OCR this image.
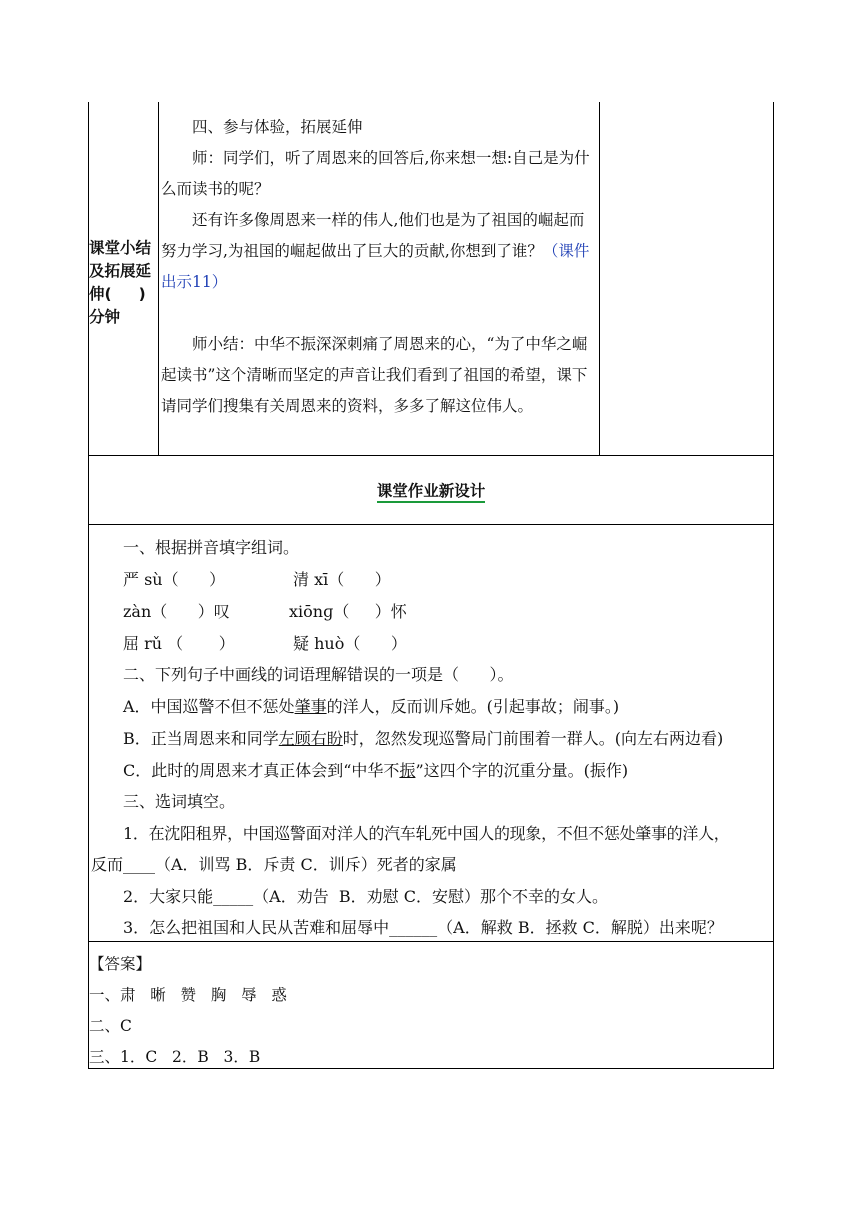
课堂小结
及拓展延
伸(     )
分钟

四、参与体验，拓展延伸

师：同学们，听了周恩来的回答后,你来想一想:自己是为什么而读书的呢？

还有许多像周恩来一样的伟人,他们也是为了祖国的崛起而努力学习,为祖国的崛起做出了巨大的贡献,你想到了谁？（课件出示11）

师小结：中华不振深深刺痛了周恩来的心，“为了中华之崛起读书”这个清晰而坚定的声音让我们看到了祖国的希望，课下请同学们搜集有关周恩来的资料，多多了解这位伟人。

课堂作业新设计
一、根据拼音填字组词。
严 sù（      ）	清 xī（      ）
zàn（      ）叹	xiōnɡ（     ）怀
屈 rǔ （       ）	疑 huò（      ）
二、下列句子中画线的词语理解错误的一项是（      ）。
A．中国巡警不但不惩处肇事的洋人，反而训斥她。(引起事故；闹事。)
B．正当周恩来和同学左顾右盼时，忽然发现巡警局门前围着一群人。(向左右两边看)
C．此时的周恩来才真正体会到“中华不振”这四个字的沉重分量。(振作)
三、选词填空。
1．在沈阳租界，中国巡警面对洋人的汽车轧死中国人的现象，不但不惩处肇事的洋人，
反而____（A．训骂 B．斥责 C．训斥）死者的家属
2．大家只能_____（A．劝告  B．劝慰 C．安慰）那个不幸的女人。
3．怎么把祖国和人民从苦难和屈辱中______（A．解救 B．拯救 C．解脱）出来呢？
【答案】
一、肃   晰   赞   胸   辱   惑
二、C
三、1．C   2．B   3．B
